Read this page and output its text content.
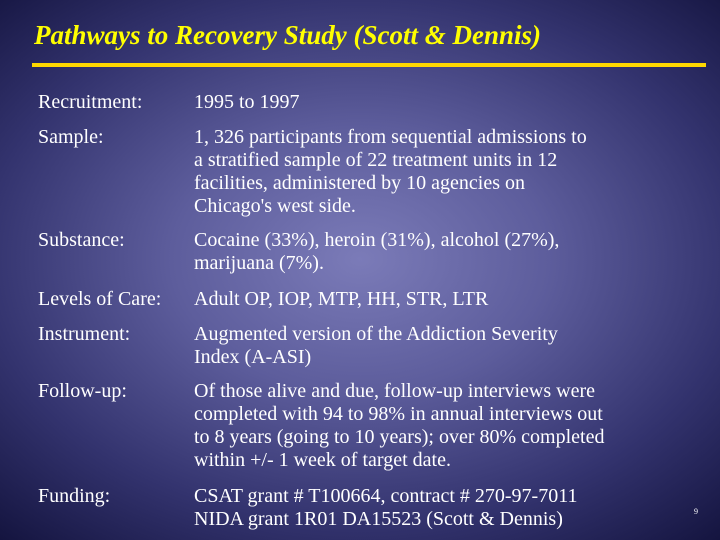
Pathways to Recovery Study (Scott & Dennis)
Recruitment:	1995 to 1997
Sample:	1, 326 participants from sequential admissions to
a stratified sample of 22 treatment units in 12
facilities, administered by 10 agencies on
Chicago's west side.
Substance:	Cocaine (33%), heroin (31%), alcohol (27%),
marijuana (7%).
Levels of Care: Adult OP, IOP, MTP, HH, STR, LTR
Instrument:	Augmented version of the Addiction Severity
Index (A-ASI)
Follow-up:	Of those alive and due, follow-up interviews were
completed with 94 to 98% in annual interviews out
to 8 years (going to 10 years); over 80% completed
within +/- 1 week of target date.
Funding:	CSAT grant # T100664, contract # 270-97-7011
NIDA grant 1R01 DA15523 (Scott & Dennis)	9
